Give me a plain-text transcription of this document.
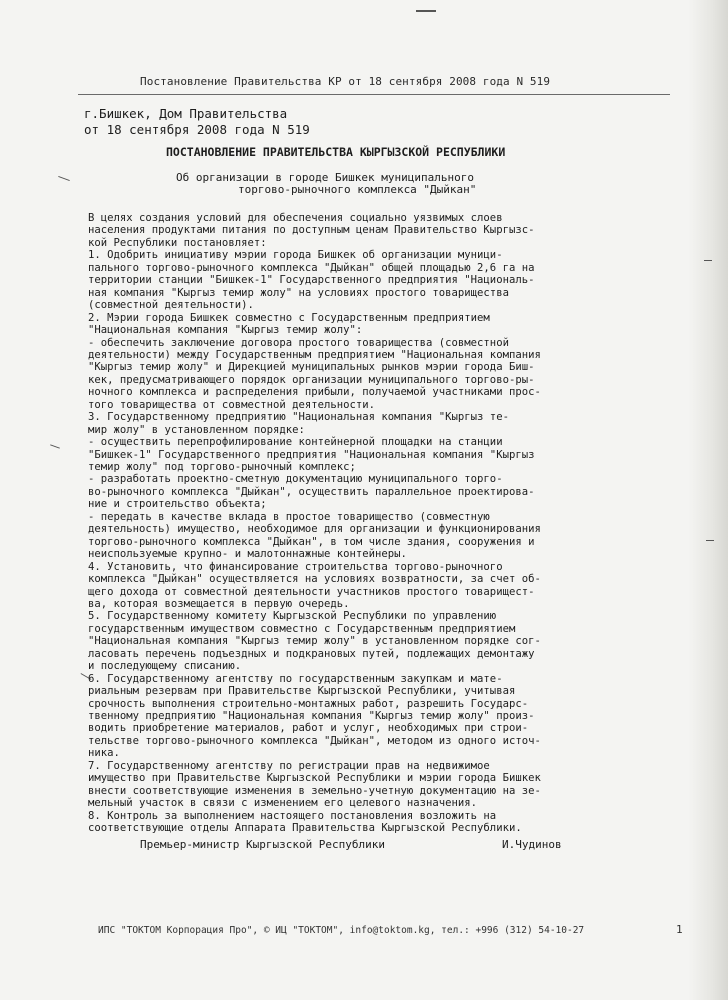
Постановление Правительства КР от 18 сентября 2008 года N 519
г.Бишкек, Дом Правительства
от 18 сентября 2008 года N 519
ПОСТАНОВЛЕНИЕ ПРАВИТЕЛЬСТВА КЫРГЫЗСКОЙ РЕСПУБЛИКИ
Об организации в городе Бишкек муниципального
торгово-рыночного комплекса "Дыйкан"
В целях создания условий для обеспечения социально уязвимых слоев
населения продуктами питания по доступным ценам Правительство Кыргызс-
кой Республики постановляет:
1. Одобрить инициативу мэрии города Бишкек об организации муници-
пального торгово-рыночного комплекса "Дыйкан" общей площадью 2,6 га на
территории станции "Бишкек-1" Государственного предприятия "Националь-
ная компания "Кыргыз темир жолу" на условиях простого товарищества
(совместной деятельности).
2. Мэрии города Бишкек совместно с Государственным предприятием
"Национальная компания "Кыргыз темир жолу":
- обеспечить заключение договора простого товарищества (совместной
деятельности) между Государственным предприятием "Национальная компания
"Кыргыз темир жолу" и Дирекцией муниципальных рынков мэрии города Биш-
кек, предусматривающего порядок организации муниципального торгово-ры-
ночного комплекса и распределения прибыли, получаемой участниками прос-
того товарищества от совместной деятельности.
3. Государственному предприятию "Национальная компания "Кыргыз те-
мир жолу" в установленном порядке:
- осуществить перепрофилирование контейнерной площадки на станции
"Бишкек-1" Государственного предприятия "Национальная компания "Кыргыз
темир жолу" под торгово-рыночный комплекс;
- разработать проектно-сметную документацию муниципального торго-
во-рыночного комплекса "Дыйкан", осуществить параллельное проектирова-
ние и строительство объекта;
- передать в качестве вклада в простое товарищество (совместную
деятельность) имущество, необходимое для организации и функционирования
торгово-рыночного комплекса "Дыйкан", в том числе здания, сооружения и
неиспользуемые крупно- и малотоннажные контейнеры.
4. Установить, что финансирование строительства торгово-рыночного
комплекса "Дыйкан" осуществляется на условиях возвратности, за счет об-
щего дохода от совместной деятельности участников простого товарищест-
ва, которая возмещается в первую очередь.
5. Государственному комитету Кыргызской Республики по управлению
государственным имуществом совместно с Государственным предприятием
"Национальная компания "Кыргыз темир жолу" в установленном порядке сог-
ласовать перечень подъездных и подкрановых путей, подлежащих демонтажу
и последующему списанию.
6. Государственному агентству по государственным закупкам и мате-
риальным резервам при Правительстве Кыргызской Республики, учитывая
срочность выполнения строительно-монтажных работ, разрешить Государс-
твенному предприятию "Национальная компания "Кыргыз темир жолу" произ-
водить приобретение материалов, работ и услуг, необходимых при строи-
тельстве торгово-рыночного комплекса "Дыйкан", методом из одного источ-
ника.
7. Государственному агентству по регистрации прав на недвижимое
имущество при Правительстве Кыргызской Республики и мэрии города Бишкек
внести соответствующие изменения в земельно-учетную документацию на зе-
мельный участок в связи с изменением его целевого назначения.
8. Контроль за выполнением настоящего постановления возложить на
соответствующие отделы Аппарата Правительства Кыргызской Республики.
Премьер-министр Кыргызской Республики	И.Чудинов
ИПС "ТОКТОМ Корпорация Про", © ИЦ "ТОКТОМ", info@toktom.kg, тел.: +996 (312) 54-10-27	1
